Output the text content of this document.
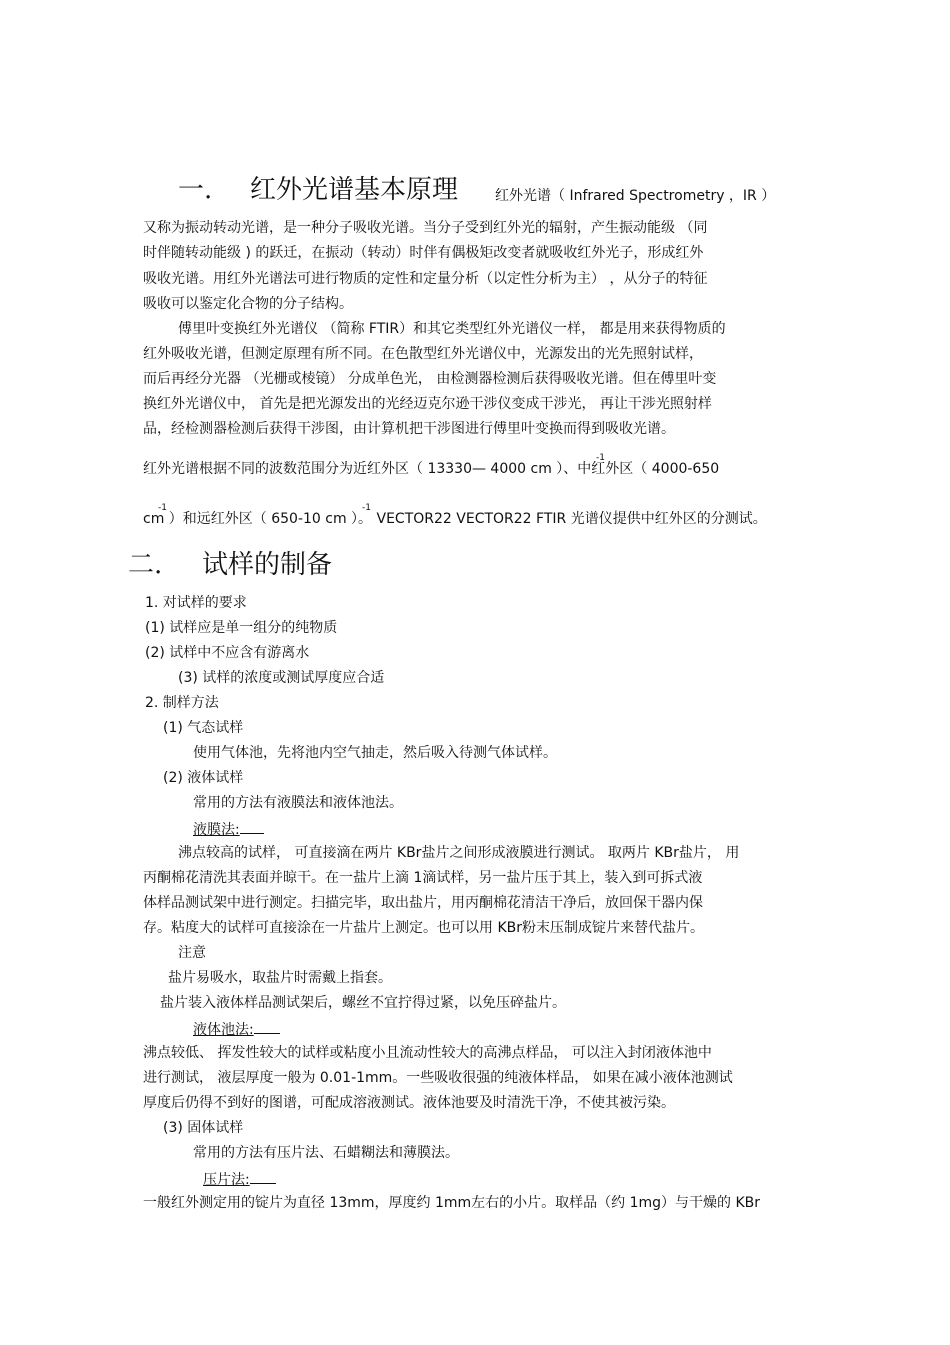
一. 红外光谱基本原理	红外光谱（ Infrared Spectrometry ，IR ）
又称为振动转动光谱，是一种分子吸收光谱。当分子受到红外光的辐射，产生振动能级 （同
时伴随转动能级 ) 的跃迁，在振动（转动）时伴有偶极矩改变者就吸收红外光子，形成红外
吸收光谱。用红外光谱法可进行物质的定性和定量分析（以定性分析为主） ，从分子的特征
吸收可以鉴定化合物的分子结构。
傅里叶变换红外光谱仪 （简称 FTIR）和其它类型红外光谱仪一样， 都是用来获得物质的
红外吸收光谱，但测定原理有所不同。在色散型红外光谱仪中，光源发出的光先照射试样，
而后再经分光器 （光栅或棱镜） 分成单色光， 由检测器检测后获得吸收光谱。但在傅里叶变
换红外光谱仪中， 首先是把光源发出的光经迈克尔逊干涉仪变成干涉光， 再让干涉光照射样
品，经检测器检测后获得干涉图，由计算机把干涉图进行傅里叶变换而得到吸收光谱。
红外光谱根据不同的波数范围分为近红外区（ 13330— 4000 cm ）、中红外区（ 4000-650
-1
cm ）和远红外区（ 650-10 cm ）。 VECTOR22 VECTOR22 FTIR 光谱仪提供中红外区的分测试。
-1	-1
二. 试样的制备
1. 对试样的要求
(1) 试样应是单一组分的纯物质
(2) 试样中不应含有游离水
(3) 试样的浓度或测试厚度应合适
2. 制样方法
(1) 气态试样
使用气体池，先将池内空气抽走，然后吸入待测气体试样。
(2) 液体试样
常用的方法有液膜法和液体池法。
液膜法:
沸点较高的试样， 可直接滴在两片 KBr盐片之间形成液膜进行测试。 取两片 KBr盐片， 用
丙酮棉花清洗其表面并晾干。在一盐片上滴 1滴试样，另一盐片压于其上，装入到可拆式液
体样品测试架中进行测定。扫描完毕，取出盐片，用丙酮棉花清洁干净后，放回保干器内保
存。粘度大的试样可直接涂在一片盐片上测定。也可以用 KBr粉末压制成锭片来替代盐片。
注意
盐片易吸水，取盐片时需戴上指套。
盐片装入液体样品测试架后，螺丝不宜拧得过紧，以免压碎盐片。
液体池法:
沸点较低、 挥发性较大的试样或粘度小且流动性较大的高沸点样品， 可以注入封闭液体池中
进行测试， 液层厚度一般为 0.01-1mm。一些吸收很强的纯液体样品， 如果在减小液体池测试
厚度后仍得不到好的图谱，可配成溶液测试。液体池要及时清洗干净，不使其被污染。
(3) 固体试样
常用的方法有压片法、石蜡糊法和薄膜法。
压片法:
一般红外测定用的锭片为直径 13mm，厚度约 1mm左右的小片。取样品（约 1mg）与干燥的 KBr
